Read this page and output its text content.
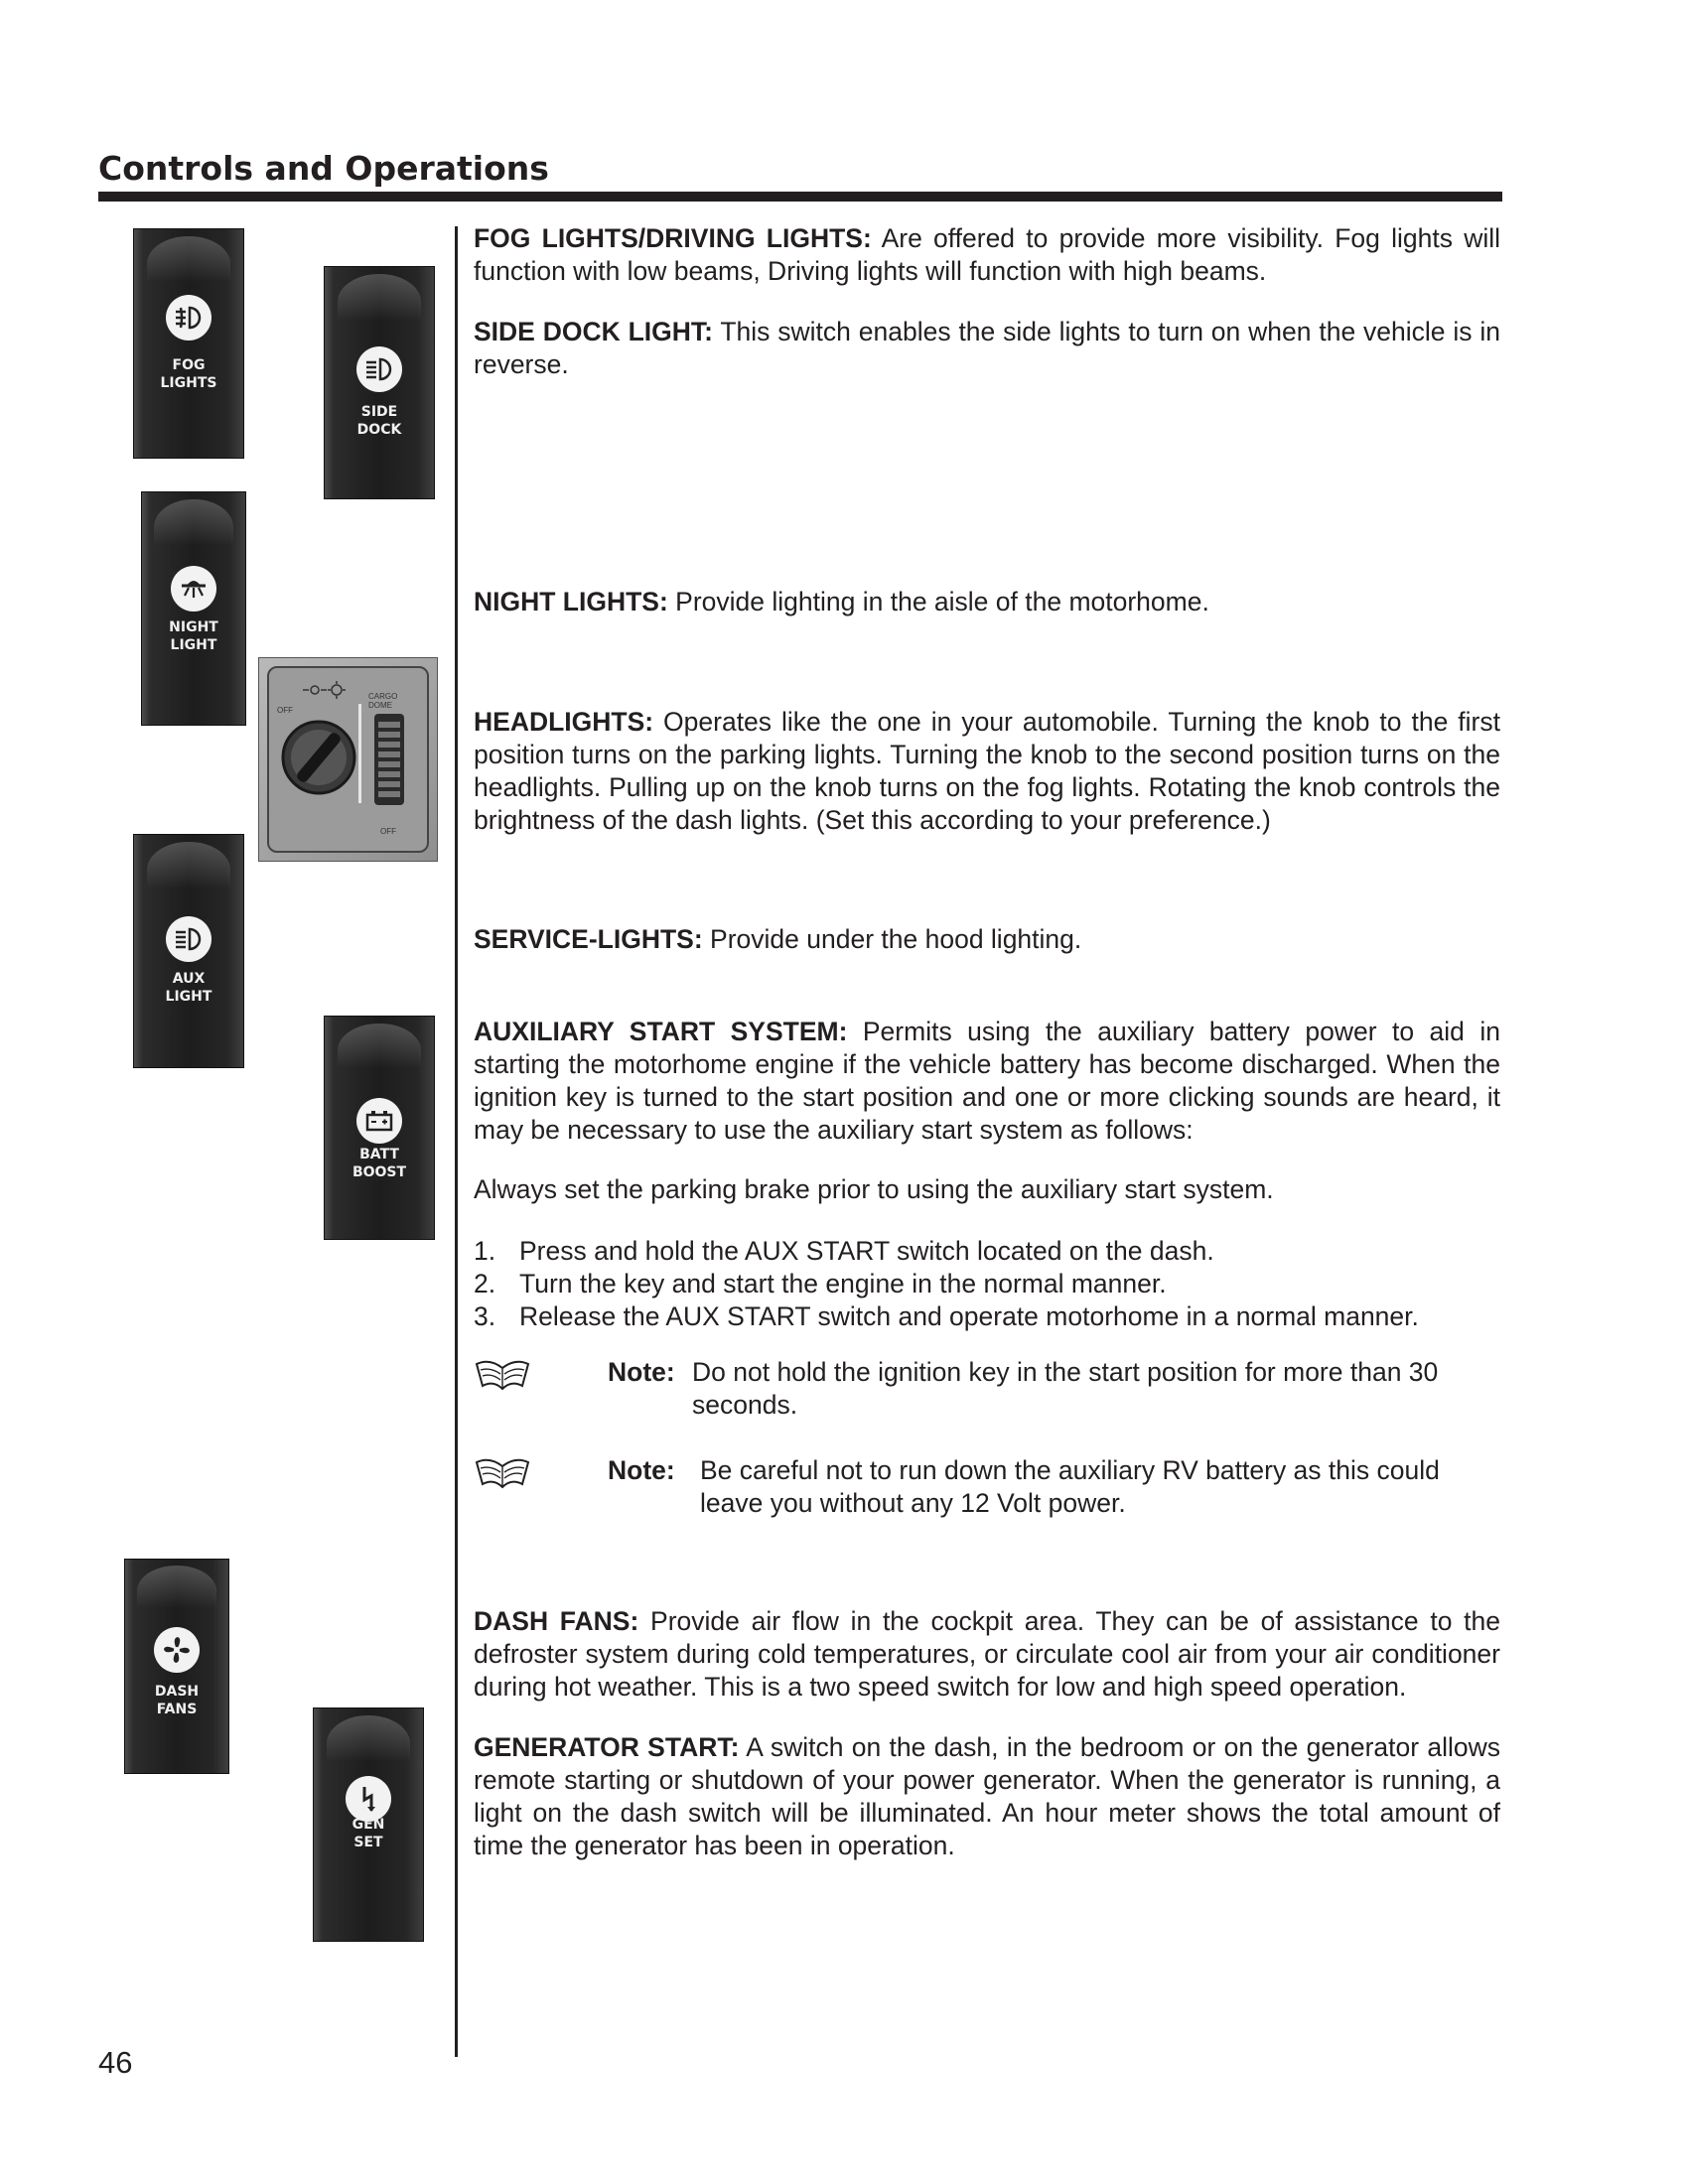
Controls and Operations
FOG
LIGHTS
SIDE
DOCK
NIGHT
LIGHT
OFF
CARGO
DOME
OFF
AUX
LIGHT
BATT
BOOST
DASH
FANS
GEN
SET

FOG LIGHTS/DRIVING LIGHTS: Are offered to provide more visibility. Fog lights will function with low beams, Driving lights will function with high beams.

SIDE DOCK LIGHT: This switch enables the side lights to turn on when the vehicle is in reverse.

NIGHT LIGHTS: Provide lighting in the aisle of the motorhome.

HEADLIGHTS: Operates like the one in your automobile. Turning the knob to the first position turns on the parking lights. Turning the knob to the second position turns on the headlights. Pulling up on the knob turns on the fog lights. Rotating the knob controls the brightness of the dash lights. (Set this according to your preference.)

SERVICE-LIGHTS: Provide under the hood lighting.

AUXILIARY START SYSTEM: Permits using the auxiliary battery power to aid in starting the motorhome engine if the vehicle battery has become discharged. When the ignition key is turned to the start position and one or more clicking sounds are heard, it may be necessary to use the auxiliary start system as follows:

Always set the parking brake prior to using the auxiliary start system.

1. Press and hold the AUX START switch located on the dash.
2. Turn the key and start the engine in the normal manner.
3. Release the AUX START switch and operate motorhome in a normal manner.
Note: Do not hold the ignition key in the start position for more than 30 seconds.
Note: Be careful not to run down the auxiliary RV battery as this could leave you without any 12 Volt power.

DASH FANS: Provide air flow in the cockpit area. They can be of assistance to the defroster system during cold temperatures, or circulate cool air from your air conditioner during hot weather. This is a two speed switch for low and high speed operation.

GENERATOR START: A switch on the dash, in the bedroom or on the generator allows remote starting or shutdown of your power generator. When the generator is running, a light on the dash switch will be illuminated. An hour meter shows the total amount of time the generator has been in operation.

46
